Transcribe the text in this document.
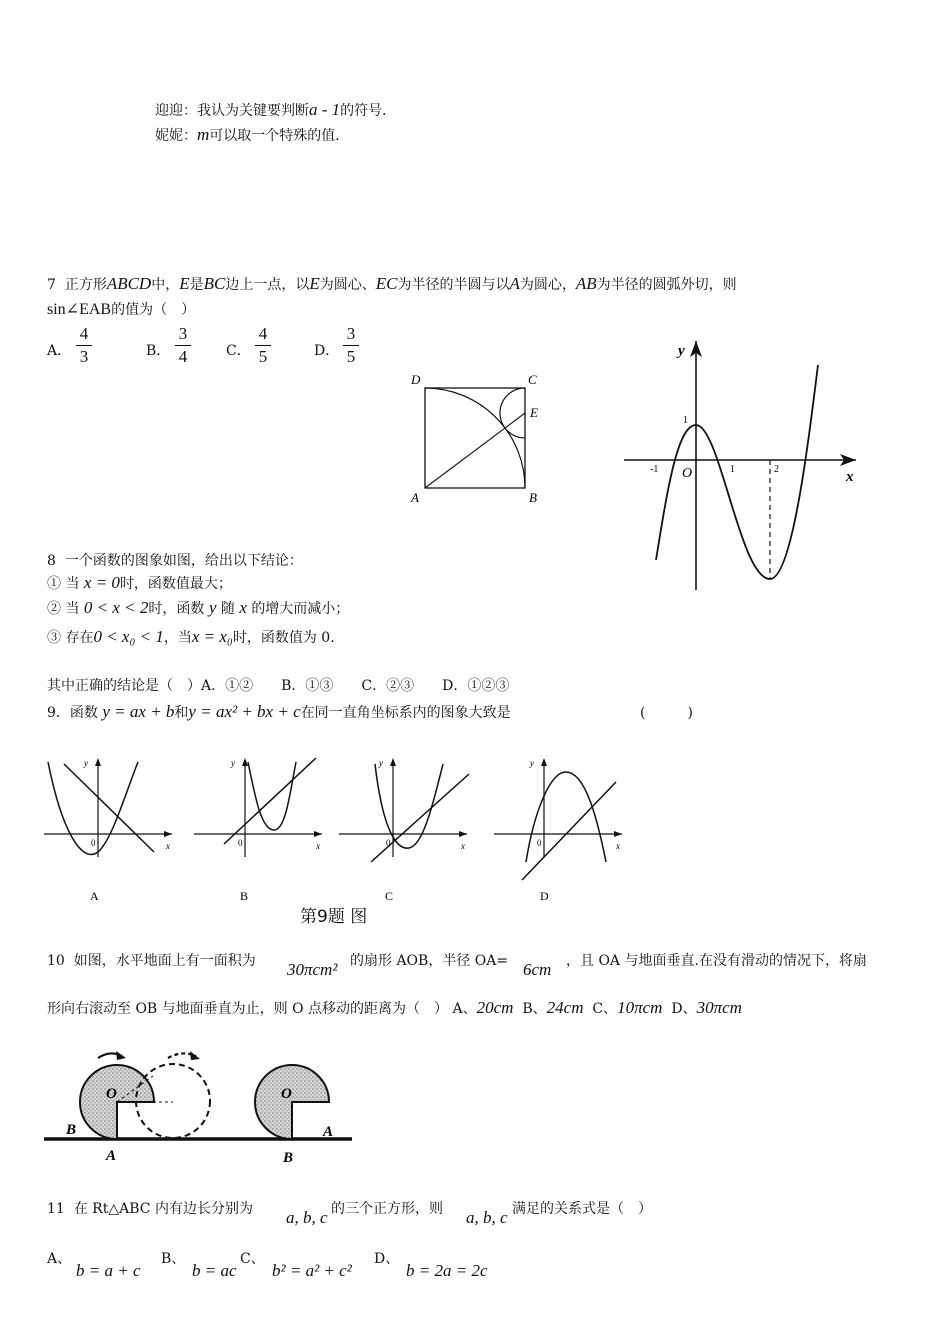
迎迎：我认为关键要判断a - 1的符号．
妮妮：m可以取一个特殊的值．
7 正方形ABCD中，E是BC边上一点，以E为圆心、EC为半径的半圆与以A为圆心，AB为半径的圆弧外切，则
sin∠EAB的值为（　）
A．
4
3	B．
3
4	C．
4
5	D．
3
5
D	C
E
A	B
y
x
O
1
-1	1	2
8 一个函数的图象如图，给出以下结论：
① 当 x = 0时，函数值最大；
② 当 0 < x < 2时，函数 y 随 x 的增大而减小；
③ 存在0 < x₀ < 1，当x = x₀时，函数值为 0.
其中正确的结论是（　）A．①②　　B．①③　　C．②③　　D．①②③
9．函数 y = ax + b和y = ax² + bx + c在同一直角坐标系内的图象大致是	(　　　)
y
x
0
A
y
x
0
B
y
x
0
C
y
x
0
D
第9题 图
10 如图，水平地面上有一面积为 30πcm² 的扇形 AOB，半径 OA= 6cm ，且 OA 与地面垂直.在没有滑动的情况下，将扇
形向右滚动至 OB 与地面垂直为止，则 O 点移动的距离为（　） A、20cm B、24cm C、10πcm D、30πcm
O
B
A
O
A
B
11 在 Rt△ABC 内有边长分别为 a, b, c 的三个正方形，则 a, b, c 满足的关系式是（　）
A、
b = a + c
B、
b = ac
C、
b² = a² + c²
D、
b = 2a = 2c
